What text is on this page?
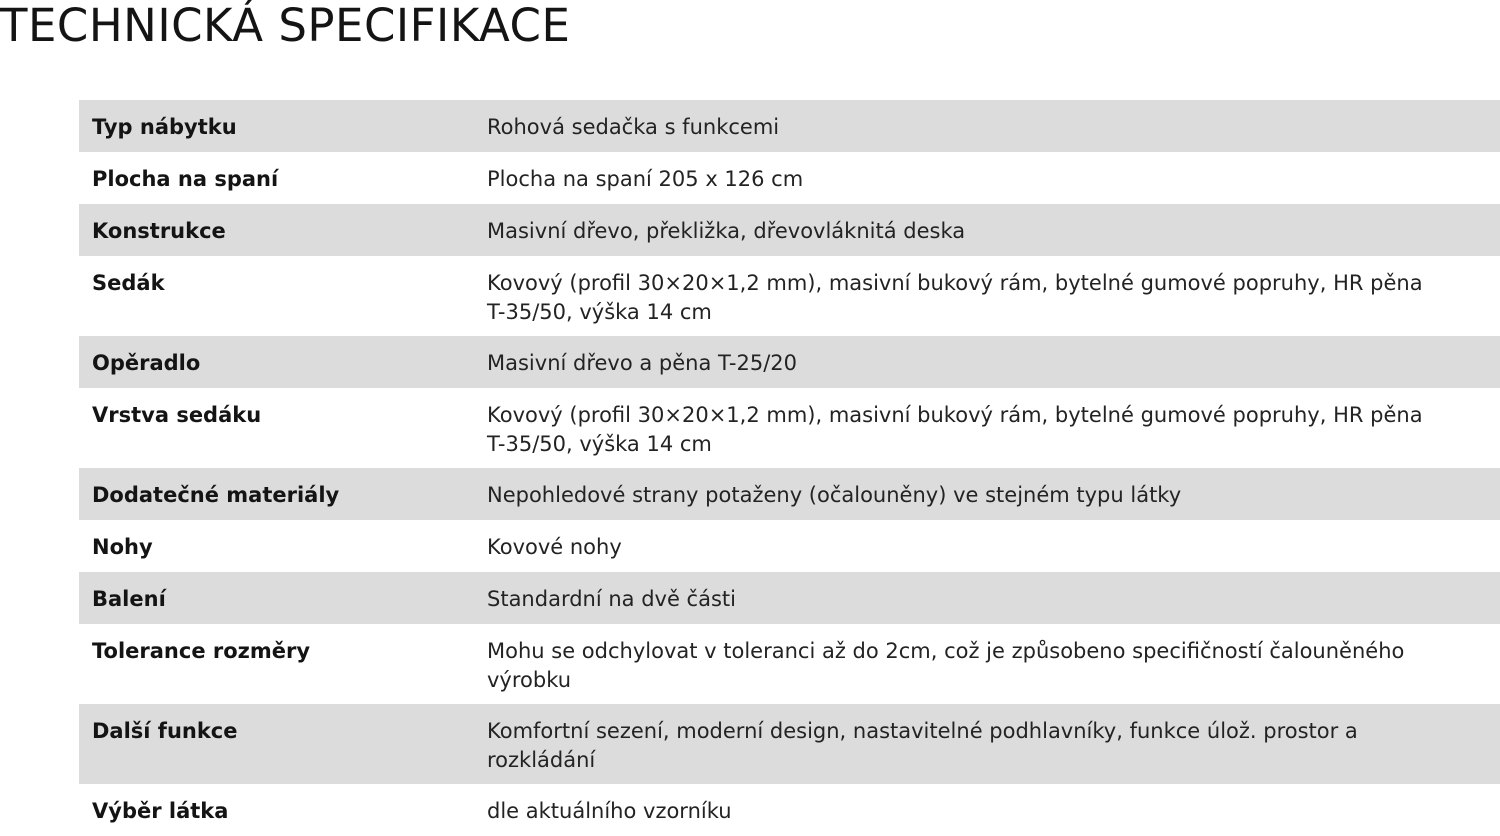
TECHNICKÁ SPECIFIKACE
Typ nábytku	Rohová sedačka s funkcemi
Plocha na spaní	Plocha na spaní 205 x 126 cm
Konstrukce	Masivní dřevo, překližka, dřevovláknitá deska
Sedák	Kovový (profil 30×20×1,2 mm), masivní bukový rám, bytelné gumové popruhy, HR pěna T-35/50, výška 14 cm
Opěradlo	Masivní dřevo a pěna T-25/20
Vrstva sedáku	Kovový (profil 30×20×1,2 mm), masivní bukový rám, bytelné gumové popruhy, HR pěna T-35/50, výška 14 cm
Dodatečné materiály	Nepohledové strany potaženy (očalouněny) ve stejném typu látky
Nohy	Kovové nohy
Balení	Standardní na dvě části
Tolerance rozměry	Mohu se odchylovat v toleranci až do 2cm, což je způsobeno specifičností čalouněného výrobku
Další funkce	Komfortní sezení, moderní design, nastavitelné podhlavníky, funkce úlož. prostor a rozkládání
Výběr látka	dle aktuálního vzorníku
